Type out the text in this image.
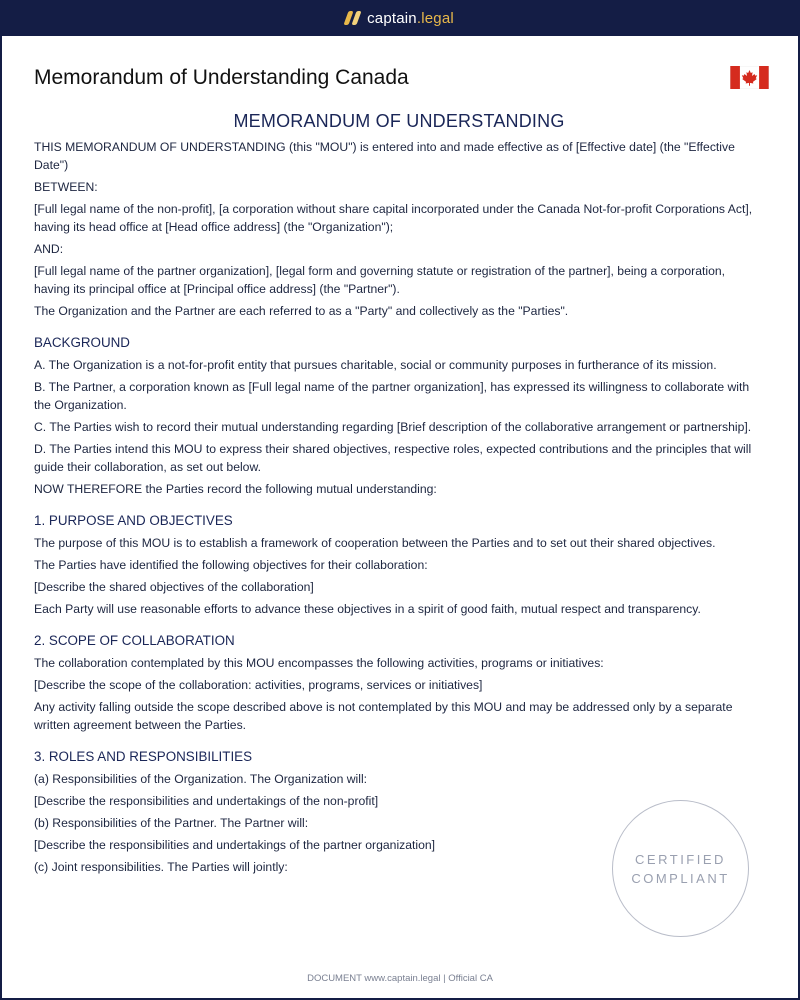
captain.legal
Memorandum of Understanding Canada
MEMORANDUM OF UNDERSTANDING

THIS MEMORANDUM OF UNDERSTANDING (this "MOU") is entered into and made effective as of [Effective date] (the "Effective Date")

BETWEEN:

[Full legal name of the non-profit], [a corporation without share capital incorporated under the Canada Not-for-profit Corporations Act], having its head office at [Head office address] (the "Organization");

AND:

[Full legal name of the partner organization], [legal form and governing statute or registration of the partner], being a corporation, having its principal office at [Principal office address] (the "Partner").

The Organization and the Partner are each referred to as a "Party" and collectively as the "Parties".

BACKGROUND

A. The Organization is a not-for-profit entity that pursues charitable, social or community purposes in furtherance of its mission.

B. The Partner, a corporation known as [Full legal name of the partner organization], has expressed its willingness to collaborate with the Organization.

C. The Parties wish to record their mutual understanding regarding [Brief description of the collaborative arrangement or partnership].

D. The Parties intend this MOU to express their shared objectives, respective roles, expected contributions and the principles that will guide their collaboration, as set out below.

NOW THEREFORE the Parties record the following mutual understanding:

1. PURPOSE AND OBJECTIVES

The purpose of this MOU is to establish a framework of cooperation between the Parties and to set out their shared objectives.

The Parties have identified the following objectives for their collaboration:

[Describe the shared objectives of the collaboration]

Each Party will use reasonable efforts to advance these objectives in a spirit of good faith, mutual respect and transparency.

2. SCOPE OF COLLABORATION

The collaboration contemplated by this MOU encompasses the following activities, programs or initiatives:

[Describe the scope of the collaboration: activities, programs, services or initiatives]

Any activity falling outside the scope described above is not contemplated by this MOU and may be addressed only by a separate written agreement between the Parties.

3. ROLES AND RESPONSIBILITIES

(a) Responsibilities of the Organization. The Organization will:

[Describe the responsibilities and undertakings of the non-profit]

(b) Responsibilities of the Partner. The Partner will:

[Describe the responsibilities and undertakings of the partner organization]

(c) Joint responsibilities. The Parties will jointly:

CERTIFIED
COMPLIANT
DOCUMENT www.captain.legal | Official CA
